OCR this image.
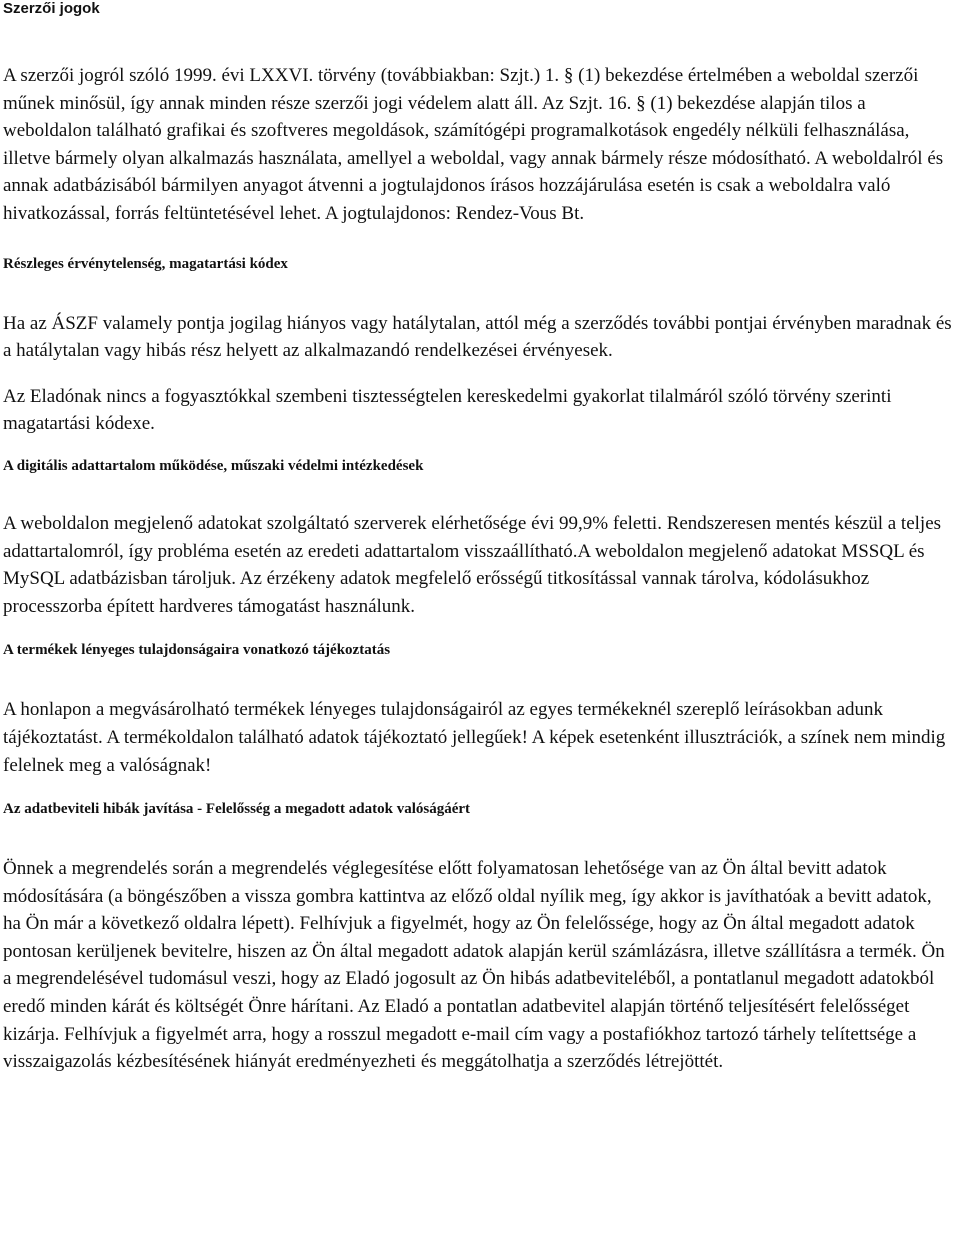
Szerzői jogok

A szerzői jogról szóló 1999. évi LXXVI. törvény (továbbiakban: Szjt.) 1. § (1) bekezdése értelmében a weboldal szerzői műnek minősül, így annak minden része szerzői jogi védelem alatt áll. Az Szjt. 16. § (1) bekezdése alapján tilos a weboldalon található grafikai és szoftveres megoldások, számítógépi programalkotások engedély nélküli felhasználása, illetve bármely olyan alkalmazás használata, amellyel a weboldal, vagy annak bármely része módosítható. A weboldalról és annak adatbázisából bármilyen anyagot átvenni a jogtulajdonos írásos hozzájárulása esetén is csak a weboldalra való hivatkozással, forrás feltüntetésével lehet. A jogtulajdonos: Rendez-Vous Bt.

Részleges érvénytelenség, magatartási kódex

Ha az ÁSZF valamely pontja jogilag hiányos vagy hatálytalan, attól még a szerződés további pontjai érvényben maradnak és a hatálytalan vagy hibás rész helyett az alkalmazandó rendelkezései érvényesek.

Az Eladónak nincs a fogyasztókkal szembeni tisztességtelen kereskedelmi gyakorlat tilalmáról szóló törvény szerinti magatartási kódexe.

A digitális adattartalom működése, műszaki védelmi intézkedések

A weboldalon megjelenő adatokat szolgáltató szerverek elérhetősége évi 99,9% feletti. Rendszeresen mentés készül a teljes adattartalomról, így probléma esetén az eredeti adattartalom visszaállítható.A weboldalon megjelenő adatokat MSSQL és MySQL adatbázisban tároljuk. Az érzékeny adatok megfelelő erősségű titkosítással vannak tárolva, kódolásukhoz processzorba épített hardveres támogatást használunk.

A termékek lényeges tulajdonságaira vonatkozó tájékoztatás

A honlapon a megvásárolható termékek lényeges tulajdonságairól az egyes termékeknél szereplő leírásokban adunk tájékoztatást. A termékoldalon található adatok tájékoztató jellegűek! A képek esetenként illusztrációk, a színek nem mindig felelnek meg a valóságnak!

Az adatbeviteli hibák javítása - Felelősség a megadott adatok valóságáért

Önnek a megrendelés során a megrendelés véglegesítése előtt folyamatosan lehetősége van az Ön által bevitt adatok módosítására (a böngészőben a vissza gombra kattintva az előző oldal nyílik meg, így akkor is javíthatóak a bevitt adatok, ha Ön már a következő oldalra lépett). Felhívjuk a figyelmét, hogy az Ön felelőssége, hogy az Ön által megadott adatok pontosan kerüljenek bevitelre, hiszen az Ön által megadott adatok alapján kerül számlázásra, illetve szállításra a termék. Ön a megrendelésével tudomásul veszi, hogy az Eladó jogosult az Ön hibás adatbeviteléből, a pontatlanul megadott adatokból eredő minden kárát és költségét Önre hárítani. Az Eladó a pontatlan adatbevitel alapján történő teljesítésért felelősséget kizárja. Felhívjuk a figyelmét arra, hogy a rosszul megadott e-mail cím vagy a postafiókhoz tartozó tárhely telítettsége a visszaigazolás kézbesítésének hiányát eredményezheti és meggátolhatja a szerződés létrejöttét.
